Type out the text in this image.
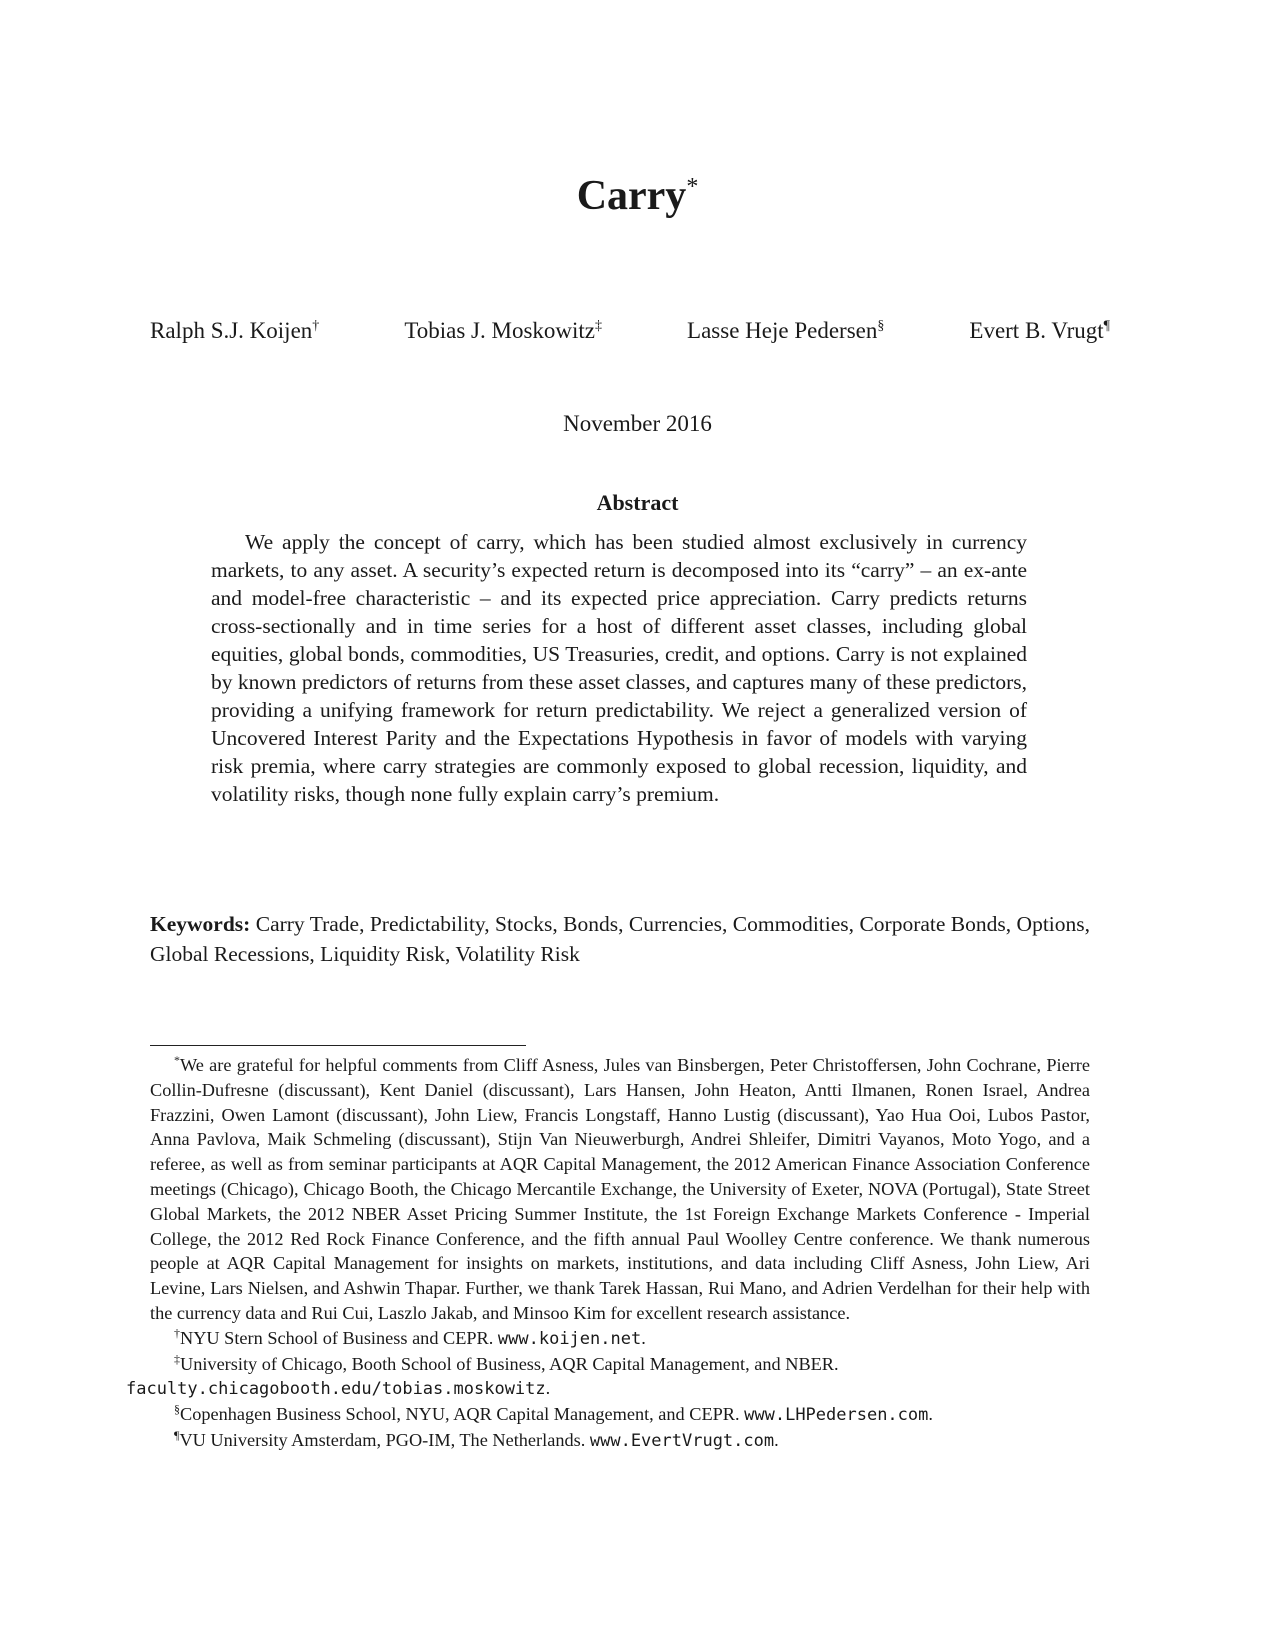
Carry*
Ralph S.J. Koijen†	Tobias J. Moskowitz‡	Lasse Heje Pedersen§	Evert B. Vrugt¶
November 2016
Abstract

We apply the concept of carry, which has been studied almost exclusively in currency markets, to any asset. A security’s expected return is decomposed into its “carry” – an ex-ante and model-free characteristic – and its expected price appreciation. Carry predicts returns cross-sectionally and in time series for a host of different asset classes, including global equities, global bonds, commodities, US Treasuries, credit, and options. Carry is not explained by known predictors of returns from these asset classes, and captures many of these predictors, providing a unifying framework for return predictability. We reject a generalized version of Uncovered Interest Parity and the Expectations Hypothesis in favor of models with varying risk premia, where carry strategies are commonly exposed to global recession, liquidity, and volatility risks, though none fully explain carry’s premium.

Keywords: Carry Trade, Predictability, Stocks, Bonds, Currencies, Commodities, Corporate Bonds, Options, Global Recessions, Liquidity Risk, Volatility Risk

*We are grateful for helpful comments from Cliff Asness, Jules van Binsbergen, Peter Christoffersen, John Cochrane, Pierre Collin-Dufresne (discussant), Kent Daniel (discussant), Lars Hansen, John Heaton, Antti Ilmanen, Ronen Israel, Andrea Frazzini, Owen Lamont (discussant), John Liew, Francis Longstaff, Hanno Lustig (discussant), Yao Hua Ooi, Lubos Pastor, Anna Pavlova, Maik Schmeling (discussant), Stijn Van Nieuwerburgh, Andrei Shleifer, Dimitri Vayanos, Moto Yogo, and a referee, as well as from seminar participants at AQR Capital Management, the 2012 American Finance Association Conference meetings (Chicago), Chicago Booth, the Chicago Mercantile Exchange, the University of Exeter, NOVA (Portugal), State Street Global Markets, the 2012 NBER Asset Pricing Summer Institute, the 1st Foreign Exchange Markets Conference - Imperial College, the 2012 Red Rock Finance Conference, and the fifth annual Paul Woolley Centre conference. We thank numerous people at AQR Capital Management for insights on markets, institutions, and data including Cliff Asness, John Liew, Ari Levine, Lars Nielsen, and Ashwin Thapar. Further, we thank Tarek Hassan, Rui Mano, and Adrien Verdelhan for their help with the currency data and Rui Cui, Laszlo Jakab, and Minsoo Kim for excellent research assistance.

†NYU Stern School of Business and CEPR. www.koijen.net.

‡University of Chicago, Booth School of Business, AQR Capital Management, and NBER.
faculty.chicagobooth.edu/tobias.moskowitz.

§Copenhagen Business School, NYU, AQR Capital Management, and CEPR. www.LHPedersen.com.

¶VU University Amsterdam, PGO-IM, The Netherlands. www.EvertVrugt.com.
